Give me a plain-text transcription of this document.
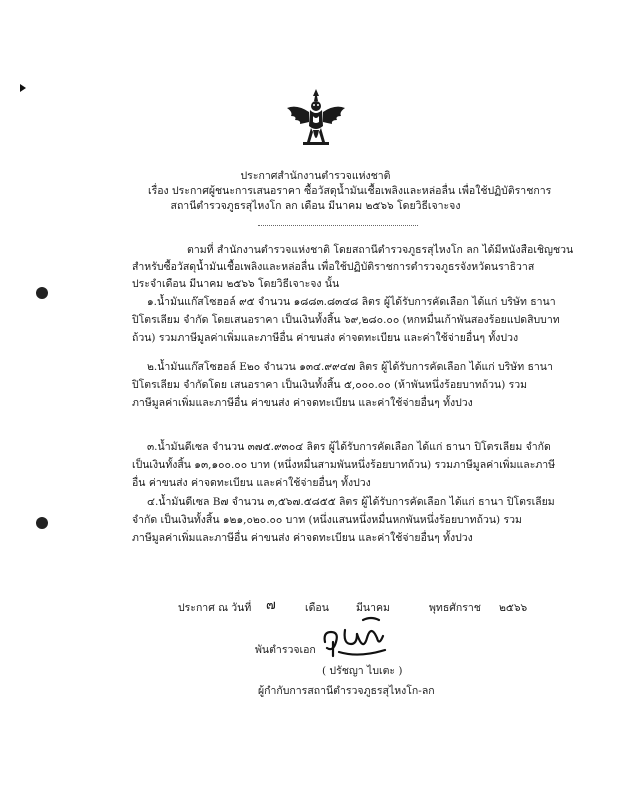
ประกาศสำนักงานตำรวจแห่งชาติ
เรื่อง ประกาศผู้ชนะการเสนอราคา ซื้อวัสดุน้ำมันเชื้อเพลิงและหล่อลื่น เพื่อใช้ปฏิบัติราชการ
สถานีตำรวจภูธรสุไหงโก ลก เดือน มีนาคม ๒๕๖๖ โดยวิธีเจาะจง
ตามที่ สำนักงานตำรวจแห่งชาติ โดยสถานีตำรวจภูธรสุไหงโก ลก ได้มีหนังสือเชิญชวน
สำหรับซื้อวัสดุน้ำมันเชื้อเพลิงและหล่อลื่น เพื่อใช้ปฏิบัติราชการตำรวจภูธรจังหวัดนราธิวาส
ประจำเดือน มีนาคม ๒๕๖๖ โดยวิธีเจาะจง นั้น
๑.น้ำมันแก๊สโซฮอล์ ๙๕ จำนวน ๑๘๘๓.๘๓๔๘ ลิตร ผู้ได้รับการคัดเลือก ได้แก่ บริษัท ธานา
ปิโตรเลียม จำกัด โดยเสนอราคา เป็นเงินทั้งสิ้น ๖๙,๒๘๐.๐๐ (หกหมื่นเก้าพันสองร้อยแปดสิบบาท
ถ้วน) รวมภาษีมูลค่าเพิ่มและภาษีอื่น ค่าขนส่ง ค่าจดทะเบียน และค่าใช้จ่ายอื่นๆ ทั้งปวง
๒.น้ำมันแก๊สโซฮอล์ E๒๐ จำนวน ๑๓๔.๙๙๔๗ ลิตร ผู้ได้รับการคัดเลือก ได้แก่ บริษัท ธานา
ปิโตรเลียม จำกัดโดย เสนอราคา เป็นเงินทั้งสิ้น ๕,๐๐๐.๐๐ (ห้าพันหนึ่งร้อยบาทถ้วน) รวม
ภาษีมูลค่าเพิ่มและภาษีอื่น ค่าขนส่ง ค่าจดทะเบียน และค่าใช้จ่ายอื่นๆ ทั้งปวง
๓.น้ำมันดีเซล จำนวน ๓๗๕.๙๓๐๔ ลิตร ผู้ได้รับการคัดเลือก ได้แก่ ธานา ปิโตรเลียม จำกัด
เป็นเงินทั้งสิ้น ๑๓,๑๐๐.๐๐ บาท (หนึ่งหมื่นสามพันหนึ่งร้อยบาทถ้วน) รวมภาษีมูลค่าเพิ่มและภาษี
อื่น ค่าขนส่ง ค่าจดทะเบียน และค่าใช้จ่ายอื่นๆ ทั้งปวง
๔.น้ำมันดีเซล B๗ จำนวน ๓,๕๖๗.๕๘๕๕ ลิตร ผู้ได้รับการคัดเลือก ได้แก่ ธานา ปิโตรเลียม
จำกัด เป็นเงินทั้งสิ้น ๑๒๑,๐๒๐.๐๐ บาท (หนึ่งแสนหนึ่งหมื่นหกพันหนึ่งร้อยบาทถ้วน) รวม
ภาษีมูลค่าเพิ่มและภาษีอื่น ค่าขนส่ง ค่าจดทะเบียน และค่าใช้จ่ายอื่นๆ ทั้งปวง
ประกาศ ณ วันที่ ๗	เดือน	มีนาคม	พุทธศักราช ๒๕๖๖
พันตำรวจเอก
( ปรัชญา ไบเตะ )
ผู้กำกับการสถานีตำรวจภูธรสุไหงโก-ลก
